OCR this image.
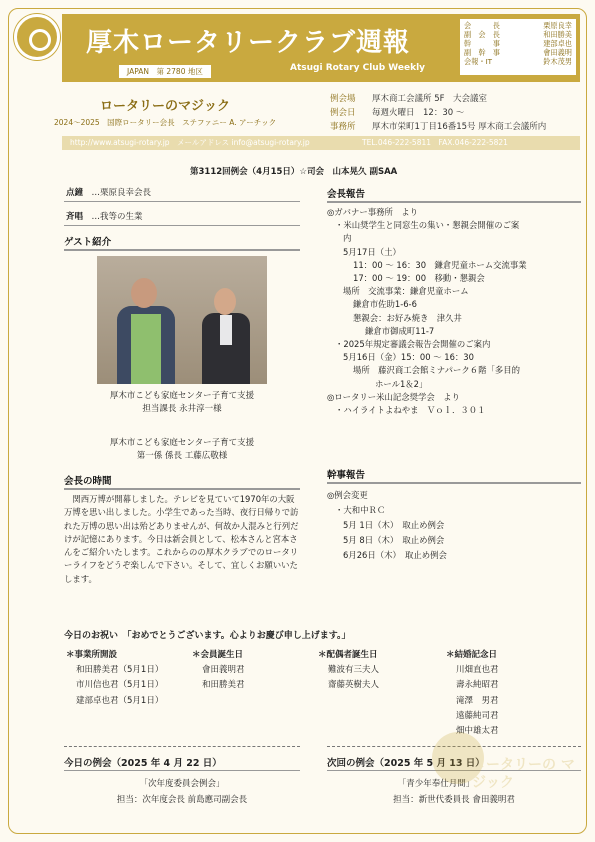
厚木ロータリークラブ週報
JAPAN　第 2780 地区	Atsugi Rotary Club Weekly
会　　　長	栗原良幸
副　会　長	和田勝美
幹　　　事	建部卓也
副　幹　事	會田義明
会報・IT	鈴木茂男
ロータリーのマジック
2024～2025　国際ロータリー会長　ステファニー A. アーチック
例会場 厚木商工会議所 5F　大会議室
例会日 毎週火曜日　12：30 ～
事務所 厚木市栄町1丁目16番15号 厚木商工会議所内
http://www.atsugi-rotary.jp　メールアドレス info@atsugi-rotary.jp	TEL.046-222-5811　FAX.046-222-5821
第3112回例会（4月15日）☆司会　山本晃久 副SAA
点鐘　 …栗原良幸会長
斉唱　 …我等の生業
ゲスト紹介
厚木市こども家庭センター子育て支援
担当課長 永井淳一様
厚木市こども家庭センター子育て支援
第一係 係長 工藤広敬様
会長の時間
関西万博が開幕しました。テレビを見ていて1970年の大阪万博を思い出しました。小学生であった当時、夜行日帰りで訪れた万博の思い出は殆どありませんが、何故か人混みと行列だけが記憶にあります。今日は新会員として、松本さんと宮本さんをご紹介いたします。これからのの厚木クラブでのロータリーライフをどうぞ楽しんで下さい。そして、宜しくお願いいたします。
会長報告
◎ガバナー事務所　より
・米山奨学生と同窓生の集い・懇親会開催のご案
内
5月17日（土）
11：00 ～ 16：30　鎌倉児童ホーム交流事業
17：00 ～ 19：00　移動・懇親会
場所　交流事業：鎌倉児童ホーム
鎌倉市佐助1-6-6
懇親会：お好み焼き　津久井
鎌倉市御成町11-7
・2025年規定審議会報告会開催のご案内
5月16日（金）15：00 ～ 16：30
場所　藤沢商工会館ミナパーク６階「多目的
ホール1＆2」
◎ロータリー米山記念奨学会　より
・ハイライトよねやま　Ｖｏｌ．３０１
幹事報告
◎例会変更
・大和中ＲＣ
5月 1日（木）　取止め例会
5月 8日（木）　取止め例会
6月26日（木）　取止め例会
今日のお祝い　「おめでとうございます。心よりお慶び申し上げます。」
＊事業所開設
和田勝美君（5月1日）
市川信也君（5月1日）
建部卓也君（5月1日）
＊会員誕生日
會田義明君
和田勝美君
＊配偶者誕生日
難波有三夫人
齋藤英樹夫人
＊結婚記念日
川畑直也君
壽永純昭君
滝澤　男君
遠藤純司君
畑中雄太君
今日の例会（2025 年 4 月 22 日）	次回の例会（2025 年 5 月 13 日）
「次年度委員会例会」	「青少年奉仕月間」
担当：次年度会長 前島應司副会長	担当：新世代委員長 會田義明君
ロータリーの マジック
